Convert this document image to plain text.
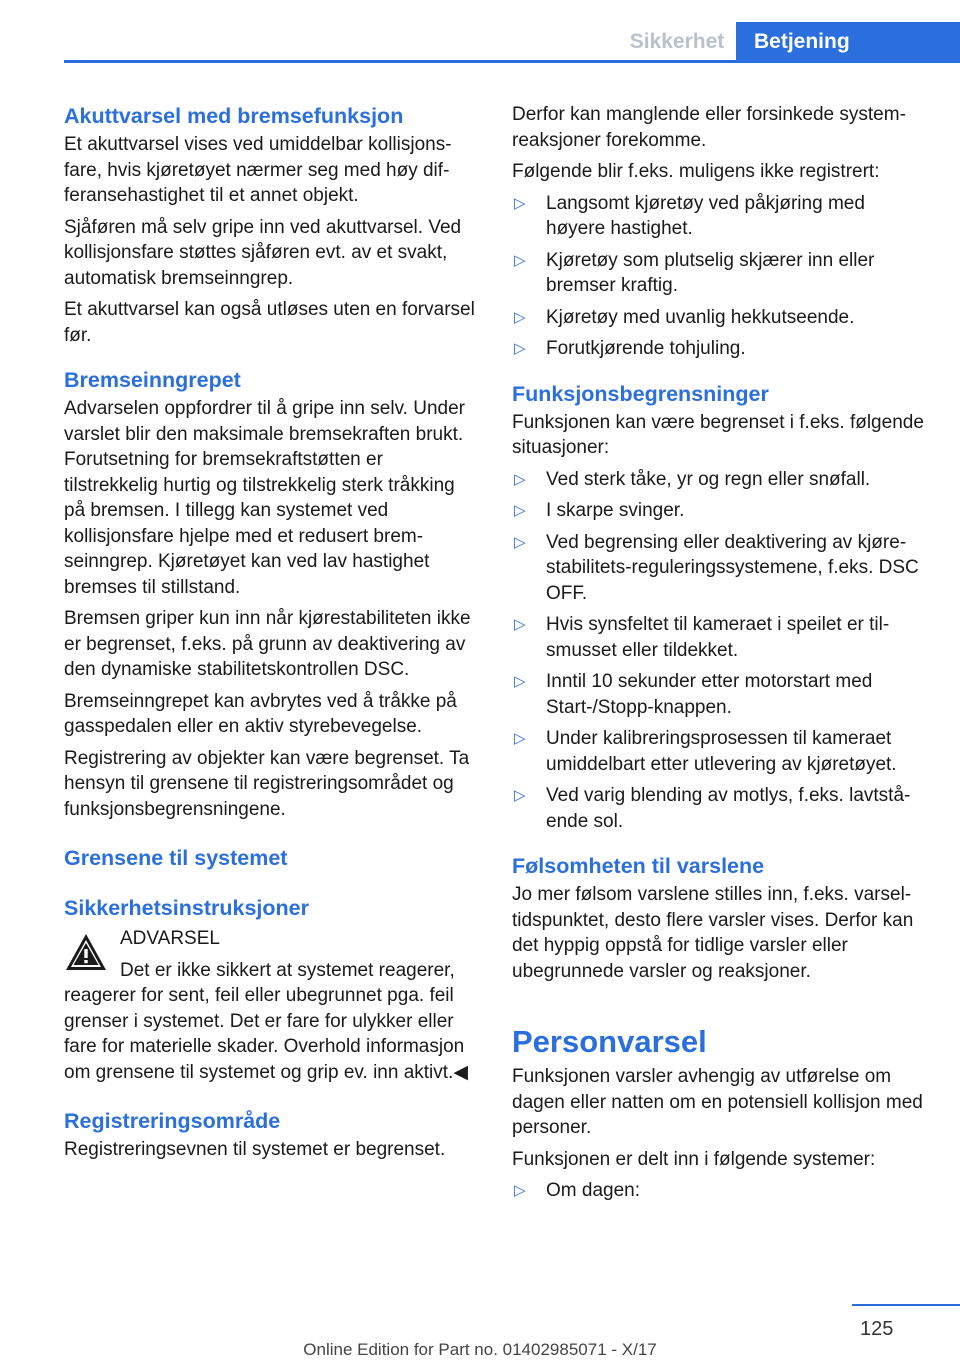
Sikkerhet	Betjening
Akuttvarsel med bremsefunksjon

Et akuttvarsel vises ved umiddelbar kollisjonsfare, hvis kjøretøyet nærmer seg med høy differansehastighet til et annet objekt.

Sjåføren må selv gripe inn ved akuttvarsel. Ved kollisjonsfare støttes sjåføren evt. av et svakt, automatisk bremseinngrep.

Et akuttvarsel kan også utløses uten en forvarsel før.

Bremseinngrepet

Advarselen oppfordrer til å gripe inn selv. Under varslet blir den maksimale bremsekraften brukt. Forutsetning for bremsekraftstøtten er tilstrekkelig hurtig og tilstrekkelig sterk tråkking på bremsen. I tillegg kan systemet ved kollisjonsfare hjelpe med et redusert bremseinngrep. Kjøretøyet kan ved lav hastighet bremses til stillstand.

Bremsen griper kun inn når kjørestabiliteten ikke er begrenset, f.eks. på grunn av deaktivering av den dynamiske stabilitetskontrollen DSC.

Bremseinngrepet kan avbrytes ved å tråkke på gasspedalen eller en aktiv styrebevegelse.

Registrering av objekter kan være begrenset. Ta hensyn til grensene til registreringsområdet og funksjonsbegrensningene.

Grensene til systemet
Sikkerhetsinstruksjoner
ADVARSEL
Det er ikke sikkert at systemet reagerer,
reagerer for sent, feil eller ubegrunnet pga. feil grenser i systemet. Det er fare for ulykker eller fare for materielle skader. Overhold informasjon om grensene til systemet og grip ev. inn aktivt.◀
Registreringsområde

Registreringsevnen til systemet er begrenset.

Derfor kan manglende eller forsinkede systemreaksjoner forekomme.

Følgende blir f.eks. muligens ikke registrert:

▷ Langsomt kjøretøy ved påkjøring med høyere hastighet.
▷ Kjøretøy som plutselig skjærer inn eller bremser kraftig.
▷ Kjøretøy med uvanlig hekkutseende.
▷ Forutkjørende tohjuling.
Funksjonsbegrensninger

Funksjonen kan være begrenset i f.eks. følgende situasjoner:

▷ Ved sterk tåke, yr og regn eller snøfall.
▷ I skarpe svinger.
▷ Ved begrensing eller deaktivering av kjørestabilitets-reguleringssystemene, f.eks. DSC OFF.
▷ Hvis synsfeltet til kameraet i speilet er tilsmusset eller tildekket.
▷ Inntil 10 sekunder etter motorstart med Start-/Stopp-knappen.
▷ Under kalibreringsprosessen til kameraet umiddelbart etter utlevering av kjøretøyet.
▷ Ved varig blending av motlys, f.eks. lavtstående sol.
Følsomheten til varslene

Jo mer følsom varslene stilles inn, f.eks. varseltidspunktet, desto flere varsler vises. Derfor kan det hyppig oppstå for tidlige varsler eller ubegrunnede varsler og reaksjoner.

Personvarsel

Funksjonen varsler avhengig av utførelse om dagen eller natten om en potensiell kollisjon med personer.

Funksjonen er delt inn i følgende systemer:

▷ Om dagen:
125
Online Edition for Part no. 01402985071 - X/17
